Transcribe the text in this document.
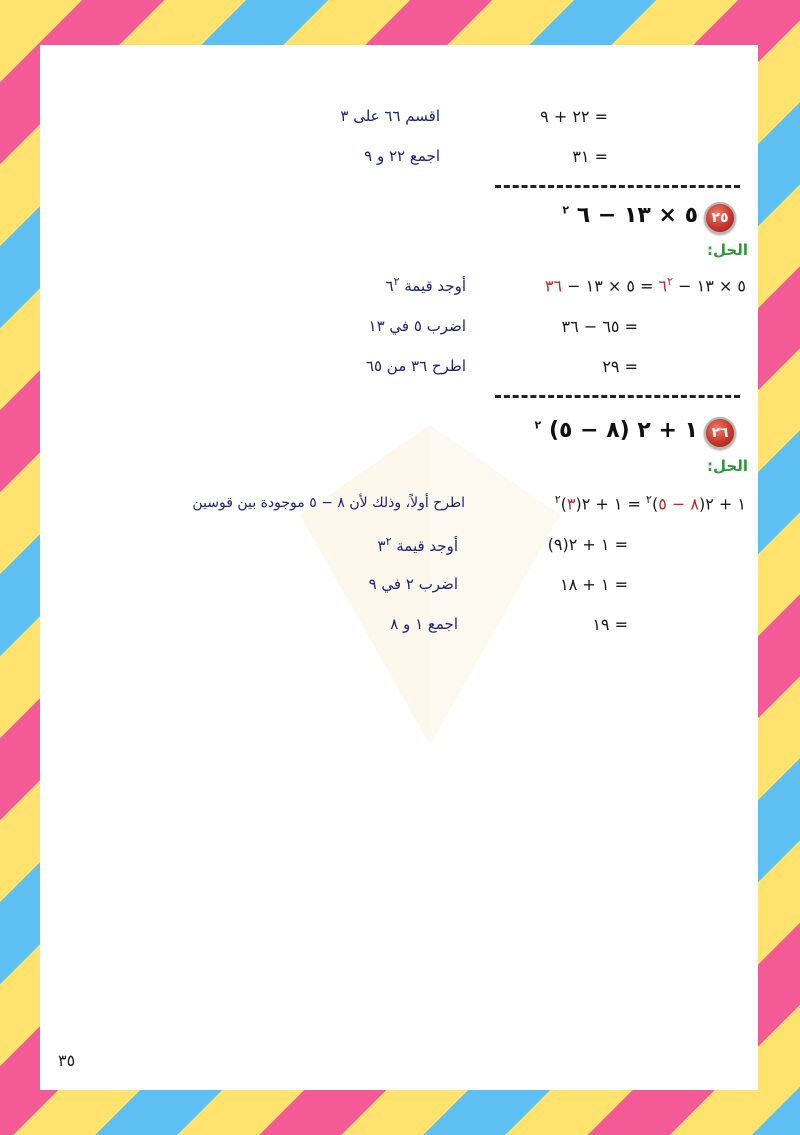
= ٢٢ + ٩
اقسم ٦٦ على ٣
= ٣١
اجمع ٢٢ و ٩
٢٥
٥ × ١٣ − ٦ $^٢$
الحل:
٥ × ١٣ − $٦^٢$ = ٥ × ١٣ − ٣٦
أوجد قيمة $٦^٢$
= ٦٥ − ٣٦
اضرب ٥ في ١٣
= ٢٩
اطرح ٣٦ من ٦٥
٢٦
١ + ٢ (٨ − ٥) $^٢$
الحل:
١ + ٢(٨ − ٥)$^٢$ = ١ + ٢(٣)$^٢$
اطرح أولاً، وذلك لأن ٨ − ٥ موجودة بين قوسين
= ١ + ٢(٩)
أوجد قيمة $٣^٢$
= ١ + ١٨
اضرب ٢ في ٩
= ١٩
اجمع ١ و ٨
٣٥
